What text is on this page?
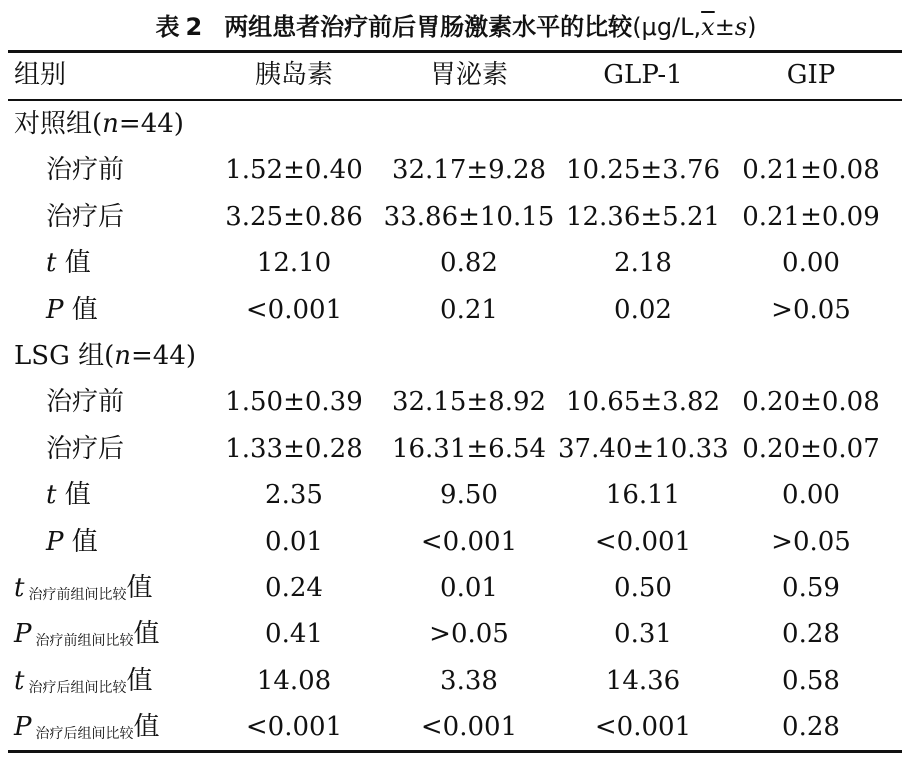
表 2 两组患者治疗前后胃肠激素水平的比较$(\mu g/L,\overline{x}\pm s)$
组别	胰岛素	胃泌素	GLP-1	GIP
对照组(n=44)
治疗前	1.52±0.40	32.17±9.28 10.25±3.76 0.21±0.08
治疗后	3.25±0.86 33.86±10.15 12.36±5.21 0.21±0.09
t 值	12.10	0.82	2.18	0.00
P 值	<0.001	0.21	0.02	>0.05
LSG 组(n=44)
治疗前	1.50±0.39	32.15±8.92 10.65±3.82 0.20±0.08
治疗后	1.33±0.28	16.31±6.54 37.40±10.33 0.20±0.07
t 值	2.35	9.50	16.11	0.00
P 值	0.01	<0.001	<0.001	>0.05
t $_{治疗前组间比较}$值	0.24	0.01	0.50	0.59
P $_{治疗前组间比较}$值	0.41	>0.05	0.31	0.28
t $_{治疗后组间比较}$值	14.08	3.38	14.36	0.58
P $_{治疗后组间比较}$值	<0.001	<0.001	<0.001	0.28
